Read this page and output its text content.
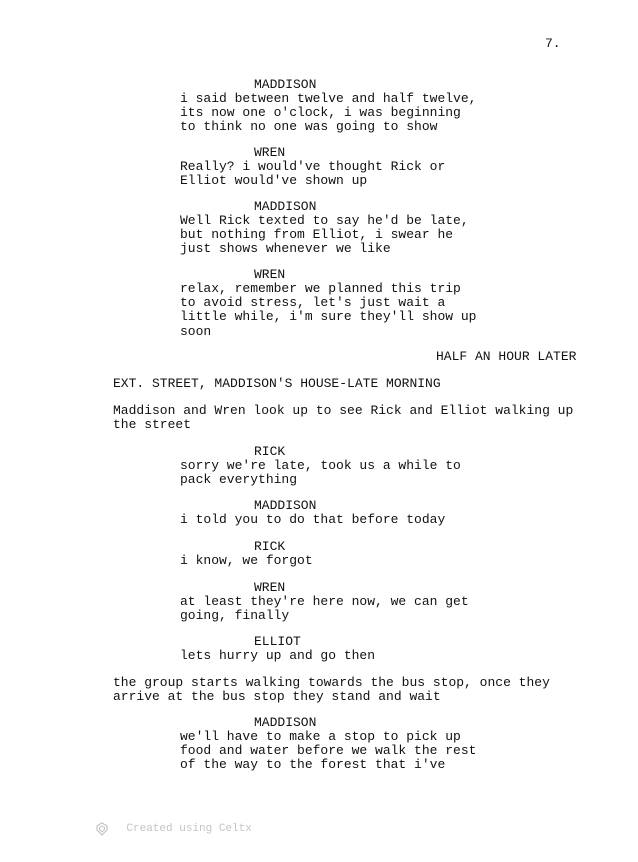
7.
MADDISON
i said between twelve and half twelve,
its now one o'clock, i was beginning
to think no one was going to show
WREN
Really? i would've thought Rick or
Elliot would've shown up
MADDISON
Well Rick texted to say he'd be late,
but nothing from Elliot, i swear he
just shows whenever we like
WREN
relax, remember we planned this trip
to avoid stress, let's just wait a
little while, i'm sure they'll show up
soon
HALF AN HOUR LATER
EXT. STREET, MADDISON'S HOUSE-LATE MORNING
Maddison and Wren look up to see Rick and Elliot walking up
the street
RICK
sorry we're late, took us a while to
pack everything
MADDISON
i told you to do that before today
RICK
i know, we forgot
WREN
at least they're here now, we can get
going, finally
ELLIOT
lets hurry up and go then
the group starts walking towards the bus stop, once they
arrive at the bus stop they stand and wait
MADDISON
we'll have to make a stop to pick up
food and water before we walk the rest
of the way to the forest that i've

Created using Celtx
